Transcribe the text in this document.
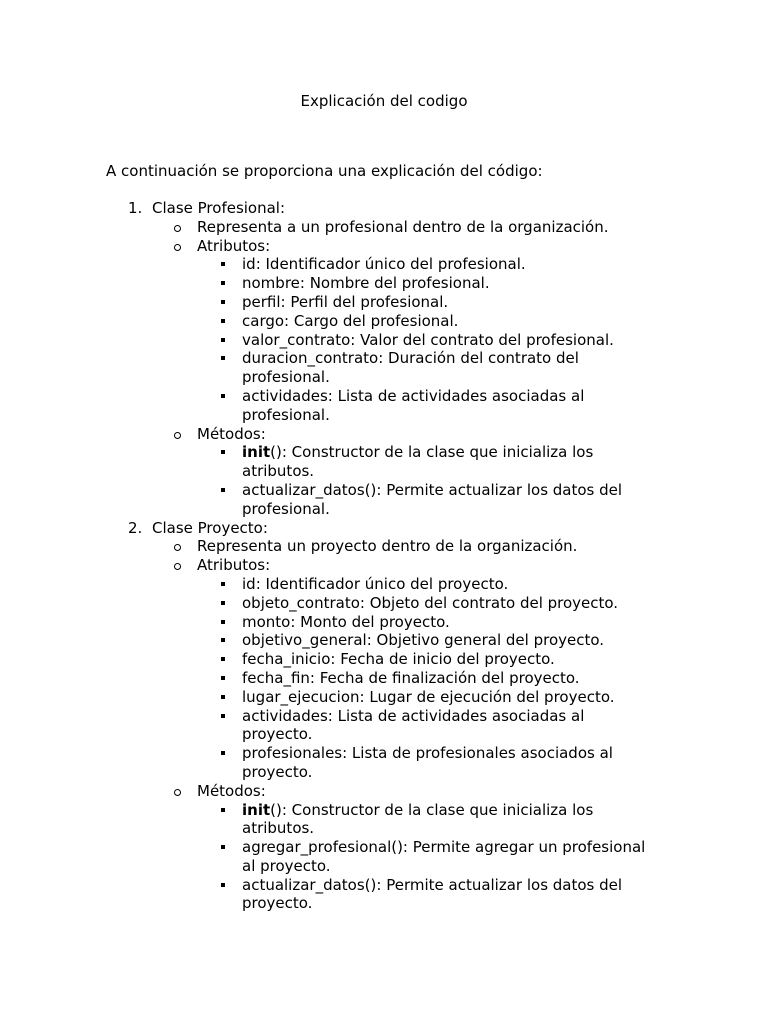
Explicación del codigo
A continuación se proporciona una explicación del código:
1. Clase Profesional:
Representa a un profesional dentro de la organización.
Atributos:
id: Identificador único del profesional.
nombre: Nombre del profesional.
perfil: Perfil del profesional.
cargo: Cargo del profesional.
valor_contrato: Valor del contrato del profesional.
duracion_contrato: Duración del contrato del
profesional.
actividades: Lista de actividades asociadas al
profesional.
Métodos:
init(): Constructor de la clase que inicializa los
atributos.
actualizar_datos(): Permite actualizar los datos del
profesional.
2. Clase Proyecto:
Representa un proyecto dentro de la organización.
Atributos:
id: Identificador único del proyecto.
objeto_contrato: Objeto del contrato del proyecto.
monto: Monto del proyecto.
objetivo_general: Objetivo general del proyecto.
fecha_inicio: Fecha de inicio del proyecto.
fecha_fin: Fecha de finalización del proyecto.
lugar_ejecucion: Lugar de ejecución del proyecto.
actividades: Lista de actividades asociadas al
proyecto.
profesionales: Lista de profesionales asociados al
proyecto.
Métodos:
init(): Constructor de la clase que inicializa los
atributos.
agregar_profesional(): Permite agregar un profesional
al proyecto.
actualizar_datos(): Permite actualizar los datos del
proyecto.
